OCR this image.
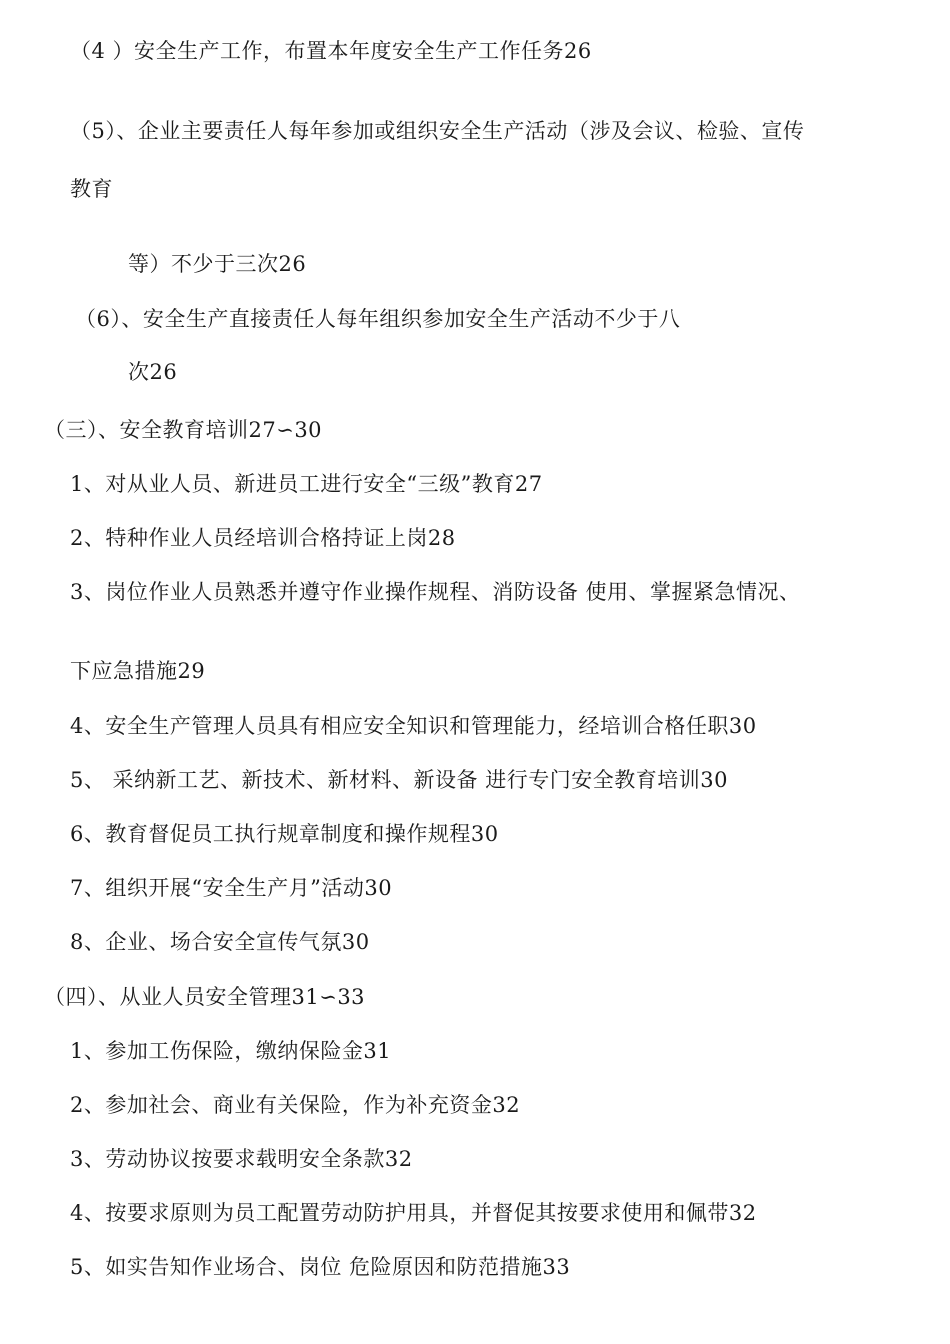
（4 ）安全生产工作，布置本年度安全生产工作任务26
（5）、企业主要责任人每年参加或组织安全生产活动（涉及会议、检验、宣传
教育
等）不少于三次26
（6）、安全生产直接责任人每年组织参加安全生产活动不少于八
次26
（三）、安全教育培训27∽30
1、对从业人员、新进员工进行安全“三级”教育27
2、特种作业人员经培训合格持证上岗28
3、岗位作业人员熟悉并遵守作业操作规程、消防设备 使用、掌握紧急情况、
下应急措施29
4、安全生产管理人员具有相应安全知识和管理能力，经培训合格任职30
5、 采纳新工艺、新技术、新材料、新设备 进行专门安全教育培训30
6、教育督促员工执行规章制度和操作规程30
7、组织开展“安全生产月”活动30
8、企业、场合安全宣传气氛30
（四）、从业人员安全管理31∽33
1、参加工伤保险，缴纳保险金31
2、参加社会、商业有关保险，作为补充资金32
3、劳动协议按要求载明安全条款32
4、按要求原则为员工配置劳动防护用具，并督促其按要求使用和佩带32
5、如实告知作业场合、岗位 危险原因和防范措施33
